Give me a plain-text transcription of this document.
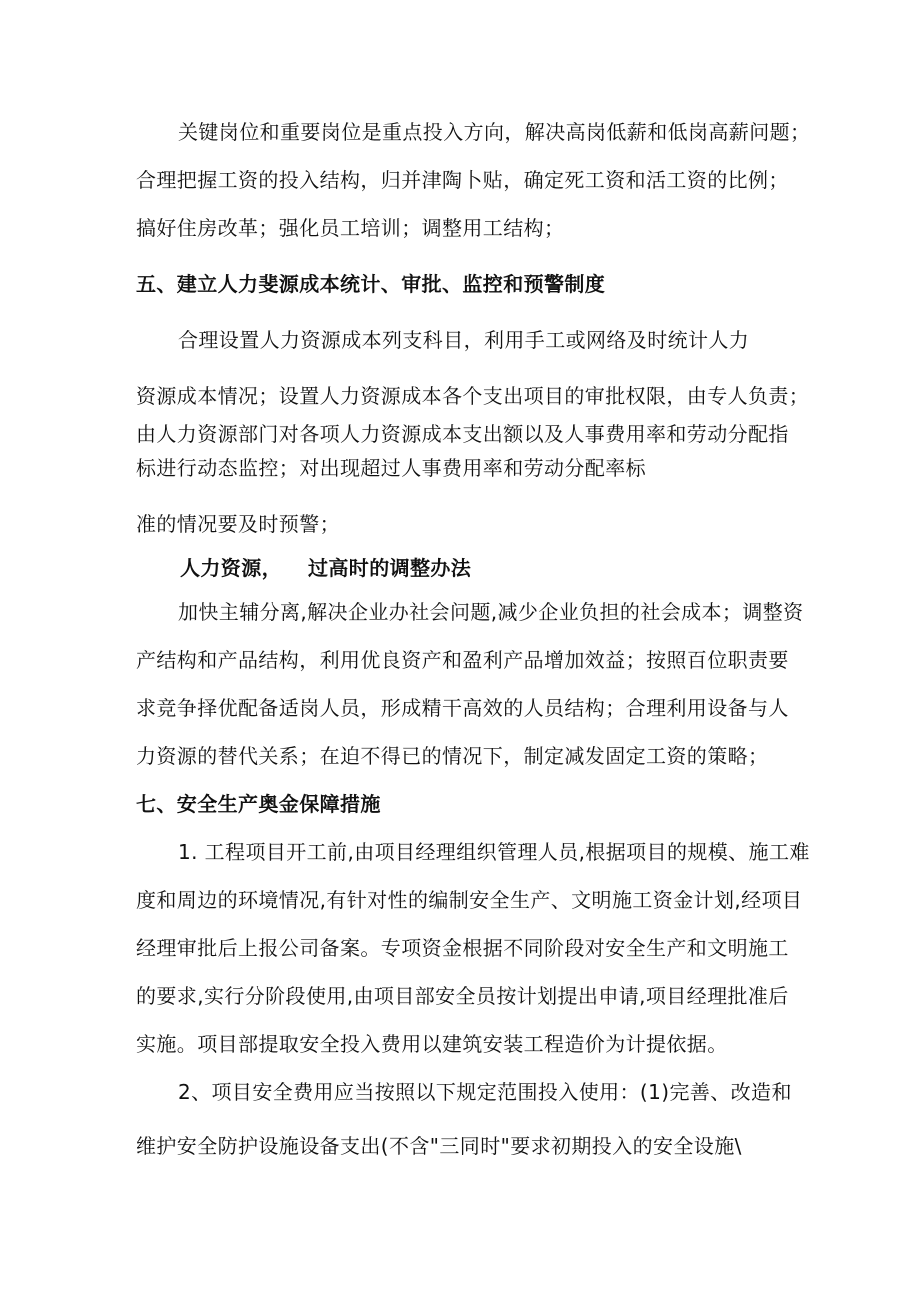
关键岗位和重要岗位是重点投入方向，解决高岗低薪和低岗高薪问题；
合理把握工资的投入结构，归并津陶卜贴，确定死工资和活工资的比例；
搞好住房改革；强化员工培训；调整用工结构；
五、建立人力斐源成本统计、审批、监控和预警制度
合理设置人力资源成本列支科目，利用手工或网络及时统计人力
资源成本情况；设置人力资源成本各个支出项目的审批权限，由专人负责；
由人力资源部门对各项人力资源成本支出额以及人事费用率和劳动分配指
标进行动态监控；对出现超过人事费用率和劳动分配率标
准的情况要及时预警；
人力资源， 过高时的调整办法
加快主辅分离,解决企业办社会问题,减少企业负担的社会成本；调整资
产结构和产品结构，利用优良资产和盈利产品增加效益；按照百位职责要
求竞争择优配备适岗人员，形成精干高效的人员结构；合理利用设备与人
力资源的替代关系；在迫不得已的情况下，制定减发固定工资的策略；
七、安全生产奥金保障措施
1. 工程项目开工前,由项目经理组织管理人员,根据项目的规模、施工难
度和周边的环境情况,有针对性的编制安全生产、文明施工资金计划,经项目
经理审批后上报公司备案。专项资金根据不同阶段对安全生产和文明施工
的要求,实行分阶段使用,由项目部安全员按计划提出申请,项目经理批准后
实施。项目部提取安全投入费用以建筑安装工程造价为计提依据。
2、项目安全费用应当按照以下规定范围投入使用：(1)完善、改造和
维护安全防护设施设备支出(不含"三同时"要求初期投入的安全设施\
